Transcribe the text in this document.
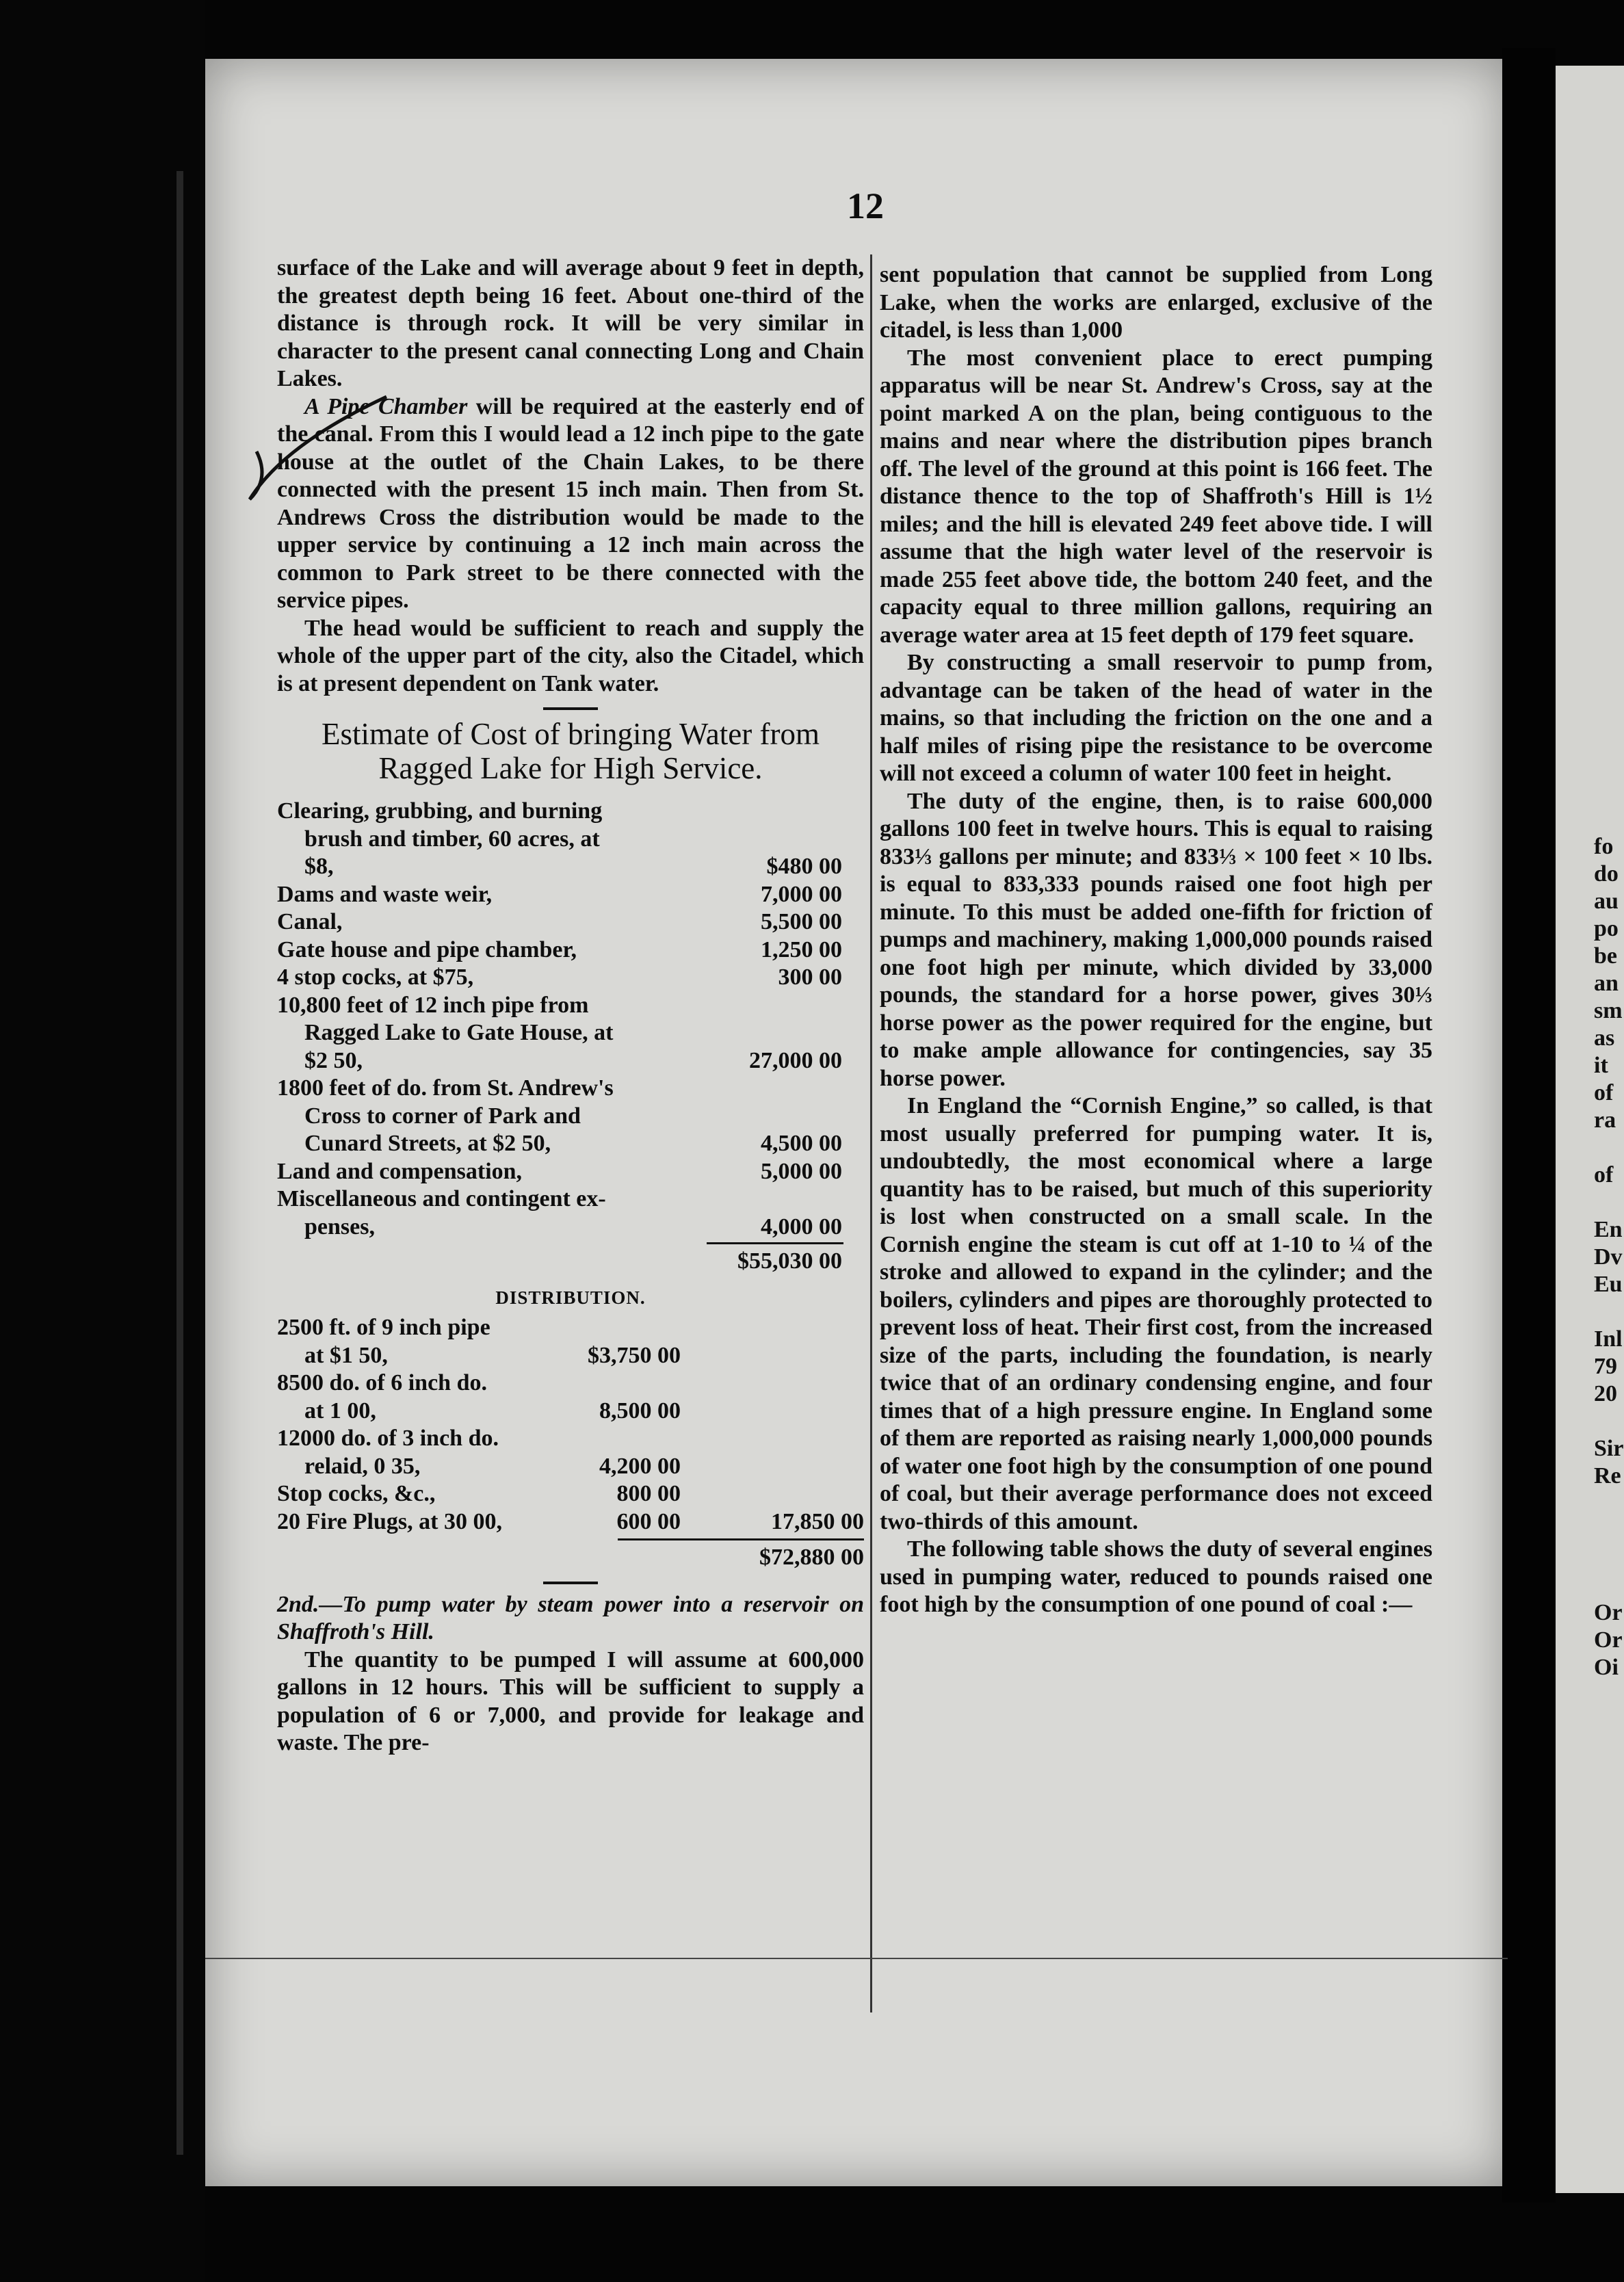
12

surface of the Lake and will average about 9 feet in depth, the greatest depth being 16 feet. About one-third of the distance is through rock. It will be very similar in character to the present canal connecting Long and Chain Lakes.

A Pipe Chamber will be required at the easterly end of the canal. From this I would lead a 12 inch pipe to the gate house at the outlet of the Chain Lakes, to be there connected with the present 15 inch main. Then from St. Andrews Cross the distribution would be made to the upper service by continuing a 12 inch main across the common to Park street to be there connected with the service pipes.

The head would be sufficient to reach and supply the whole of the upper part of the city, also the Citadel, which is at present dependent on Tank water.

Estimate of Cost of bringing Water from Ragged Lake for High Service.
Clearing, grubbing, and burning
brush and timber, 60 acres, at
$8,	$480 00
Dams and waste weir,	7,000 00
Canal,	5,500 00
Gate house and pipe chamber,	1,250 00
4 stop cocks, at $75,	300 00
10,800 feet of 12 inch pipe from
Ragged Lake to Gate House, at
$2 50,	27,000 00
1800 feet of do. from St. Andrew's
Cross to corner of Park and
Cunard Streets, at $2 50,	4,500 00
Land and compensation,	5,000 00
Miscellaneous and contingent ex-
penses,	4,000 00
$55,030 00
DISTRIBUTION.
2500 ft. of 9 inch pipe
at $1 50,	$3,750 00
8500 do. of 6 inch do.
at 1 00,	8,500 00
12000 do. of 3 inch do.
relaid, 0 35,	4,200 00
Stop cocks, &c.,	800 00
20 Fire Plugs, at 30 00,	600 00	17,850 00
$72,880 00

2nd.—To pump water by steam power into a reservoir on Shaffroth's Hill.

The quantity to be pumped I will assume at 600,000 gallons in 12 hours. This will be sufficient to supply a population of 6 or 7,000, and provide for leakage and waste. The pre-

sent population that cannot be supplied from Long Lake, when the works are enlarged, exclusive of the citadel, is less than 1,000

The most convenient place to erect pumping apparatus will be near St. Andrew's Cross, say at the point marked A on the plan, being contiguous to the mains and near where the distribution pipes branch off. The level of the ground at this point is 166 feet. The distance thence to the top of Shaffroth's Hill is 1½ miles; and the hill is elevated 249 feet above tide. I will assume that the high water level of the reservoir is made 255 feet above tide, the bottom 240 feet, and the capacity equal to three million gallons, requiring an average water area at 15 feet depth of 179 feet square.

By constructing a small reservoir to pump from, advantage can be taken of the head of water in the mains, so that including the friction on the one and a half miles of rising pipe the resistance to be overcome will not exceed a column of water 100 feet in height.

The duty of the engine, then, is to raise 600,000 gallons 100 feet in twelve hours. This is equal to raising 833⅓ gallons per minute; and 833⅓ × 100 feet × 10 lbs. is equal to 833,333 pounds raised one foot high per minute. To this must be added one-fifth for friction of pumps and machinery, making 1,000,000 pounds raised one foot high per minute, which divided by 33,000 pounds, the standard for a horse power, gives 30⅓ horse power as the power required for the engine, but to make ample allowance for contingencies, say 35 horse power.

In England the “Cornish Engine,” so called, is that most usually preferred for pumping water. It is, undoubtedly, the most economical where a large quantity has to be raised, but much of this superiority is lost when constructed on a small scale. In the Cornish engine the steam is cut off at 1-10 to ¼ of the stroke and allowed to expand in the cylinder; and the boilers, cylinders and pipes are thoroughly protected to prevent loss of heat. Their first cost, from the increased size of the parts, including the foundation, is nearly twice that of an ordinary condensing engine, and four times that of a high pressure engine. In England some of them are reported as raising nearly 1,000,000 pounds of water one foot high by the consumption of one pound of coal, but their average performance does not exceed two-thirds of this amount.

The following table shows the duty of several engines used in pumping water, reduced to pounds raised one foot high by the consumption of one pound of coal :—

fo
do
au
po
be
an
sm
as
it
of
ra

of

En
Dv
Eu

Inl
79
20

Sir
Re

Or
Or
Oi
